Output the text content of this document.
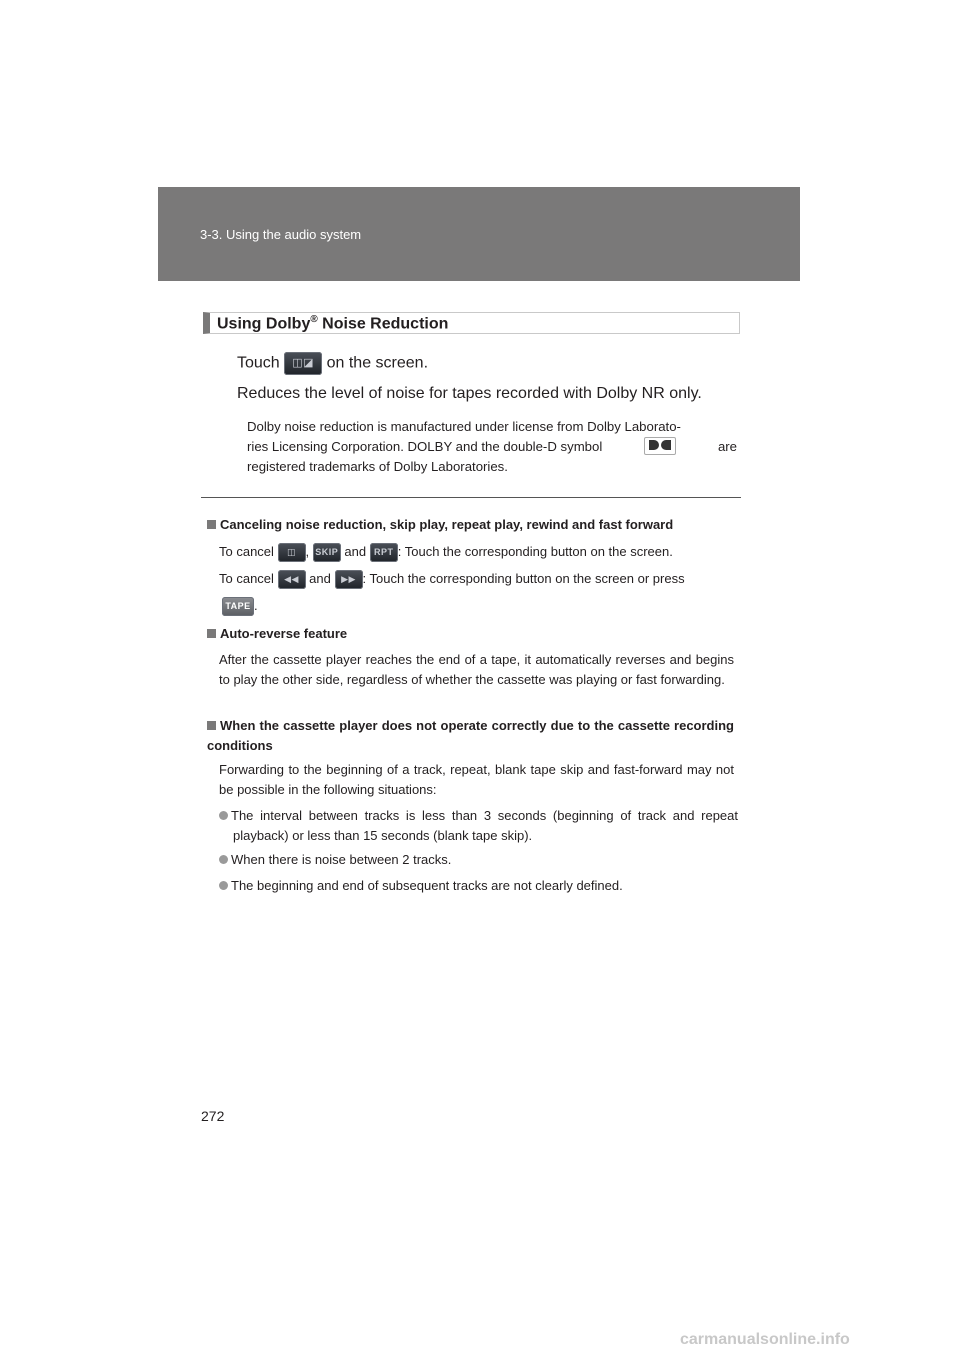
3-3. Using the audio system
Using Dolby® Noise Reduction
Touch ◫◪ on the screen.
Reduces the level of noise for tapes recorded with Dolby NR only.
Dolby noise reduction is manufactured under license from Dolby Laborato-
ries Licensing Corporation. DOLBY and the double-D symbol	are
registered trademarks of Dolby Laboratories.
Canceling noise reduction, skip play, repeat play, rewind and fast forward
To cancel ◫ , SKIP and RPT : Touch the corresponding button on the screen.
To cancel ◀◀ and ▶▶ : Touch the corresponding button on the screen or press
TAPE .
Auto-reverse feature
After the cassette player reaches the end of a tape, it automatically reverses and begins to play the other side, regardless of whether the cassette was playing or fast forwarding.
When the cassette player does not operate correctly due to the cassette recording conditions
Forwarding to the beginning of a track, repeat, blank tape skip and fast-forward may not be possible in the following situations:
The interval between tracks is less than 3 seconds (beginning of track and repeat playback) or less than 15 seconds (blank tape skip).
When there is noise between 2 tracks.
The beginning and end of subsequent tracks are not clearly defined.
272
carmanualsonline.info
